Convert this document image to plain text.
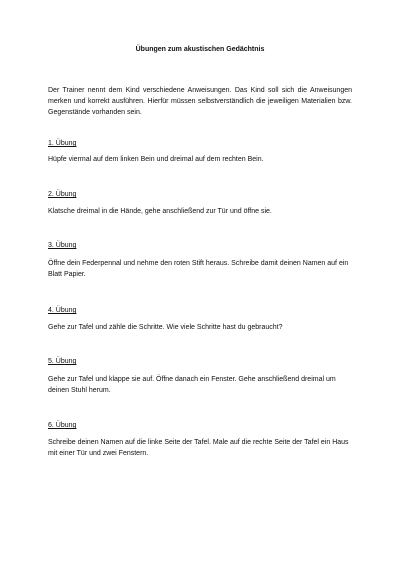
Übungen zum akustischen Gedächtnis
Der Trainer nennt dem Kind verschiedene Anweisungen. Das Kind soll sich die Anweisungen merken und korrekt ausführen. Hierfür müssen selbstverständlich die jeweiligen Materialien bzw. Gegenstände vorhanden sein.
1. Übung
Hüpfe viermal auf dem linken Bein und dreimal auf dem rechten Bein.
2. Übung
Klatsche dreimal in die Hände, gehe anschließend zur Tür und öffne sie.
3. Übung
Öffne dein Federpennal und nehme den roten Stift heraus. Schreibe damit deinen Namen auf ein Blatt Papier.
4. Übung
Gehe zur Tafel und zähle die Schritte. Wie viele Schritte hast du gebraucht?
5. Übung
Gehe zur Tafel und klappe sie auf. Öffne danach ein Fenster. Gehe anschließend dreimal um deinen Stuhl herum.
6. Übung
Schreibe deinen Namen auf die linke Seite der Tafel. Male auf die rechte Seite der Tafel ein Haus mit einer Tür und zwei Fenstern.
